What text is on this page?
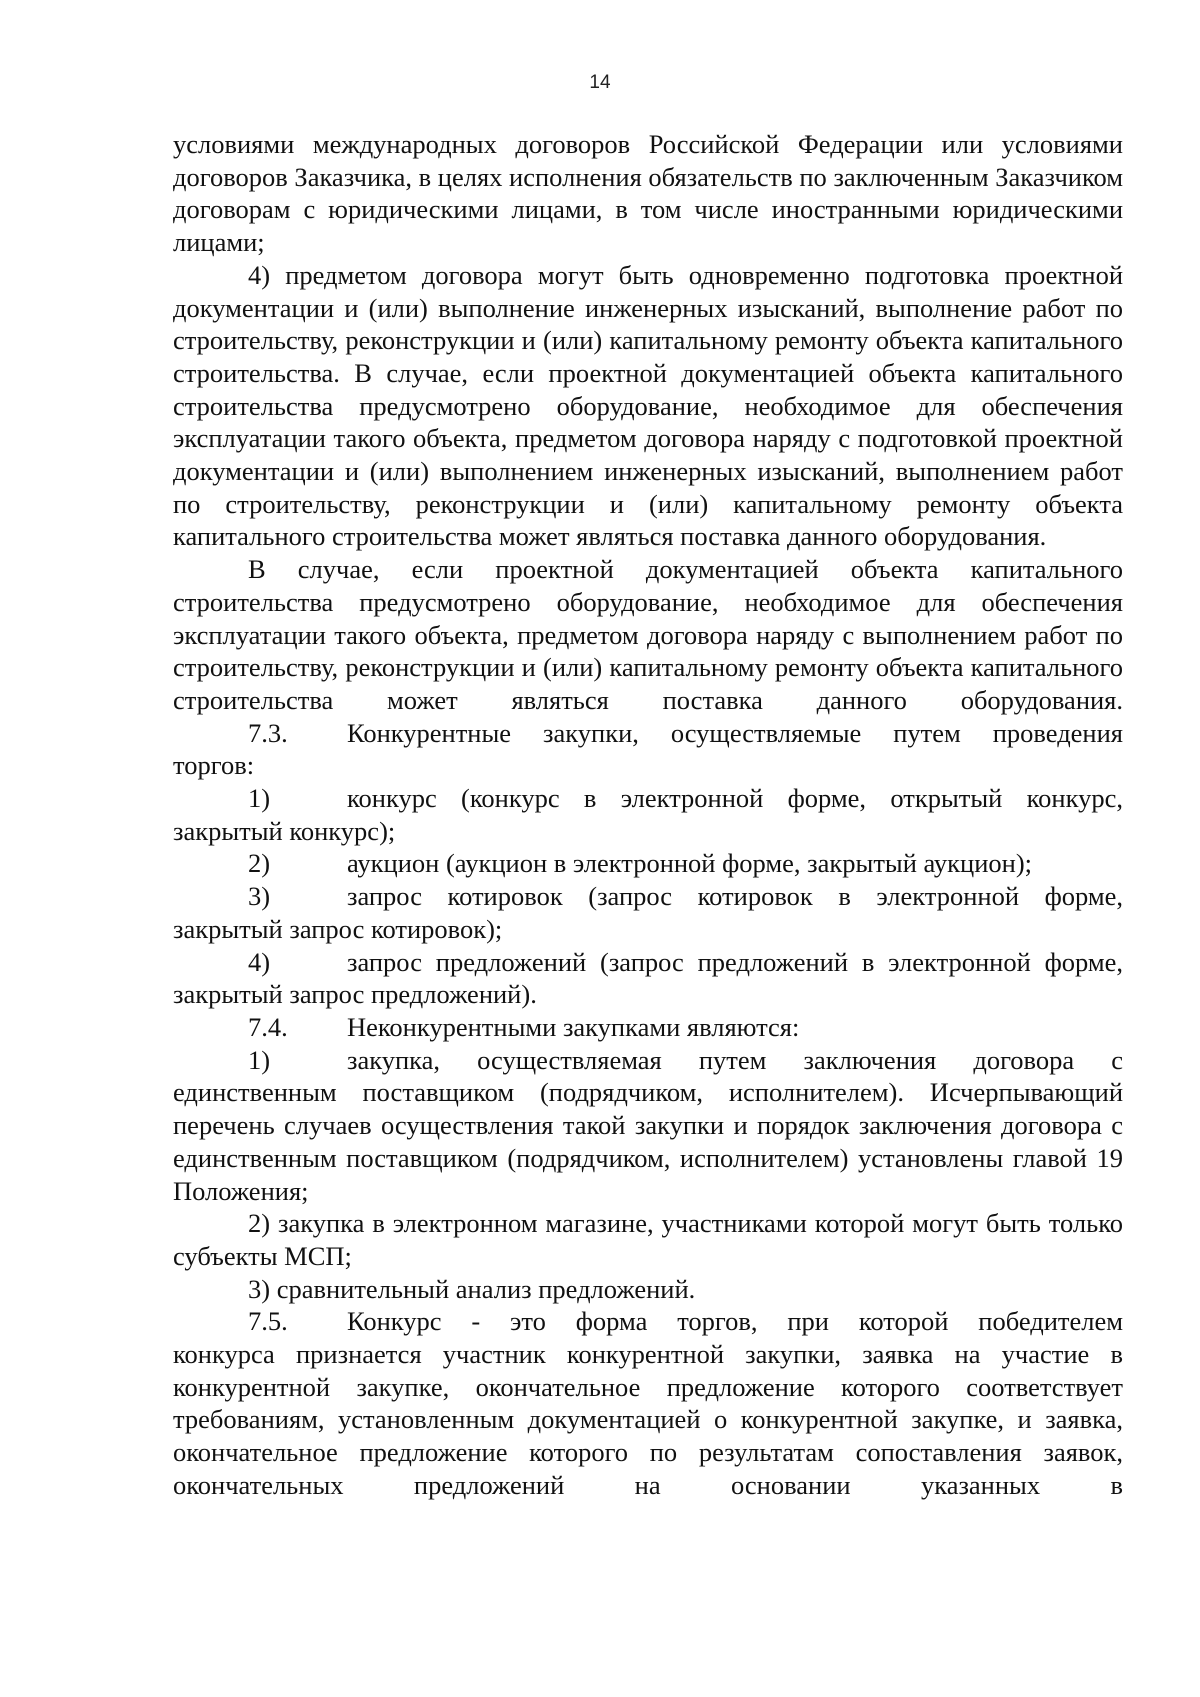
14

условиями международных договоров Российской Федерации или условиями договоров Заказчика, в целях исполнения обязательств по заключенным Заказчиком договорам с юридическими лицами, в том числе иностранными юридическими лицами;

4) предметом договора могут быть одновременно подготовка проектной документации и (или) выполнение инженерных изысканий, выполнение работ по строительству, реконструкции и (или) капитальному ремонту объекта капитального строительства. В случае, если проектной документацией объекта капитального строительства предусмотрено оборудование, необходимое для обеспечения эксплуатации такого объекта, предметом договора наряду с подготовкой проектной документации и (или) выполнением инженерных изысканий, выполнением работ по строительству, реконструкции и (или) капитальному ремонту объекта капитального строительства может являться поставка данного оборудования.

В случае, если проектной документацией объекта капитального строительства предусмотрено оборудование, необходимое для обеспечения эксплуатации такого объекта, предметом договора наряду с выполнением работ по строительству, реконструкции и (или) капитальному ремонту объекта капитального строительства может являться поставка данного оборудования.

7.3.	Конкурентные закупки, осуществляемые путем проведения

торгов:

1)	конкурс (конкурс в электронной форме, открытый конкурс,

закрытый конкурс);

2)	аукцион (аукцион в электронной форме, закрытый аукцион);
3)	запрос котировок (запрос котировок в электронной форме,

закрытый запрос котировок);

4)	запрос предложений (запрос предложений в электронной форме,

закрытый запрос предложений).

7.4.	Неконкурентными закупками являются:
1)	закупка, осуществляемая путем заключения договора с

единственным поставщиком (подрядчиком, исполнителем). Исчерпывающий перечень случаев осуществления такой закупки и порядок заключения договора с единственным поставщиком (подрядчиком, исполнителем) установлены главой 19 Положения;

2) закупка в электронном магазине, участниками которой могут быть только субъекты МСП;

3) сравнительный анализ предложений.

7.5.	Конкурс - это форма торгов, при которой победителем

конкурса признается участник конкурентной закупки, заявка на участие в конкурентной закупке, окончательное предложение которого соответствует требованиям, установленным документацией о конкурентной закупке, и заявка, окончательное предложение которого по результатам сопоставления заявок, окончательных предложений на основании указанных в
